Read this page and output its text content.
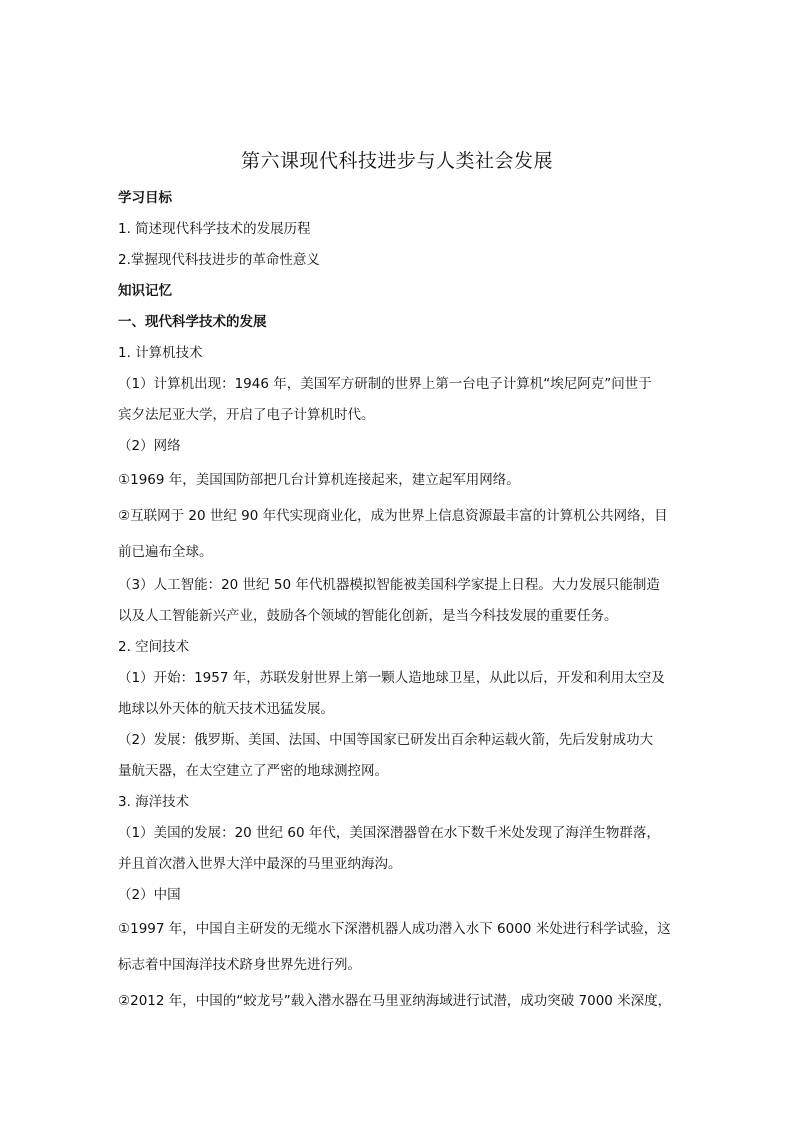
第六课现代科技进步与人类社会发展
学习目标
1. 简述现代科学技术的发展历程
2.掌握现代科技进步的革命性意义
知识记忆
一、现代科学技术的发展
1. 计算机技术
（1）计算机出现：1946 年，美国军方研制的世界上第一台电子计算机“埃尼阿克”问世于
宾夕法尼亚大学，开启了电子计算机时代。
（2）网络
①1969 年，美国国防部把几台计算机连接起来，建立起军用网络。
②互联网于 20 世纪 90 年代实现商业化，成为世界上信息资源最丰富的计算机公共网络，目
前已遍布全球。
（3）人工智能：20 世纪 50 年代机器模拟智能被美国科学家提上日程。大力发展只能制造
以及人工智能新兴产业，鼓励各个领域的智能化创新，是当今科技发展的重要任务。
2. 空间技术
（1）开始：1957 年，苏联发射世界上第一颗人造地球卫星，从此以后，开发和利用太空及
地球以外天体的航天技术迅猛发展。
（2）发展：俄罗斯、美国、法国、中国等国家已研发出百余种运载火箭，先后发射成功大
量航天器，在太空建立了严密的地球测控网。
3. 海洋技术
（1）美国的发展：20 世纪 60 年代，美国深潜器曾在水下数千米处发现了海洋生物群落，
并且首次潜入世界大洋中最深的马里亚纳海沟。
（2）中国
①1997 年，中国自主研发的无缆水下深潜机器人成功潜入水下 6000 米处进行科学试验，这
标志着中国海洋技术跻身世界先进行列。
②2012 年，中国的“蛟龙号”载入潜水器在马里亚纳海域进行试潜，成功突破 7000 米深度，
